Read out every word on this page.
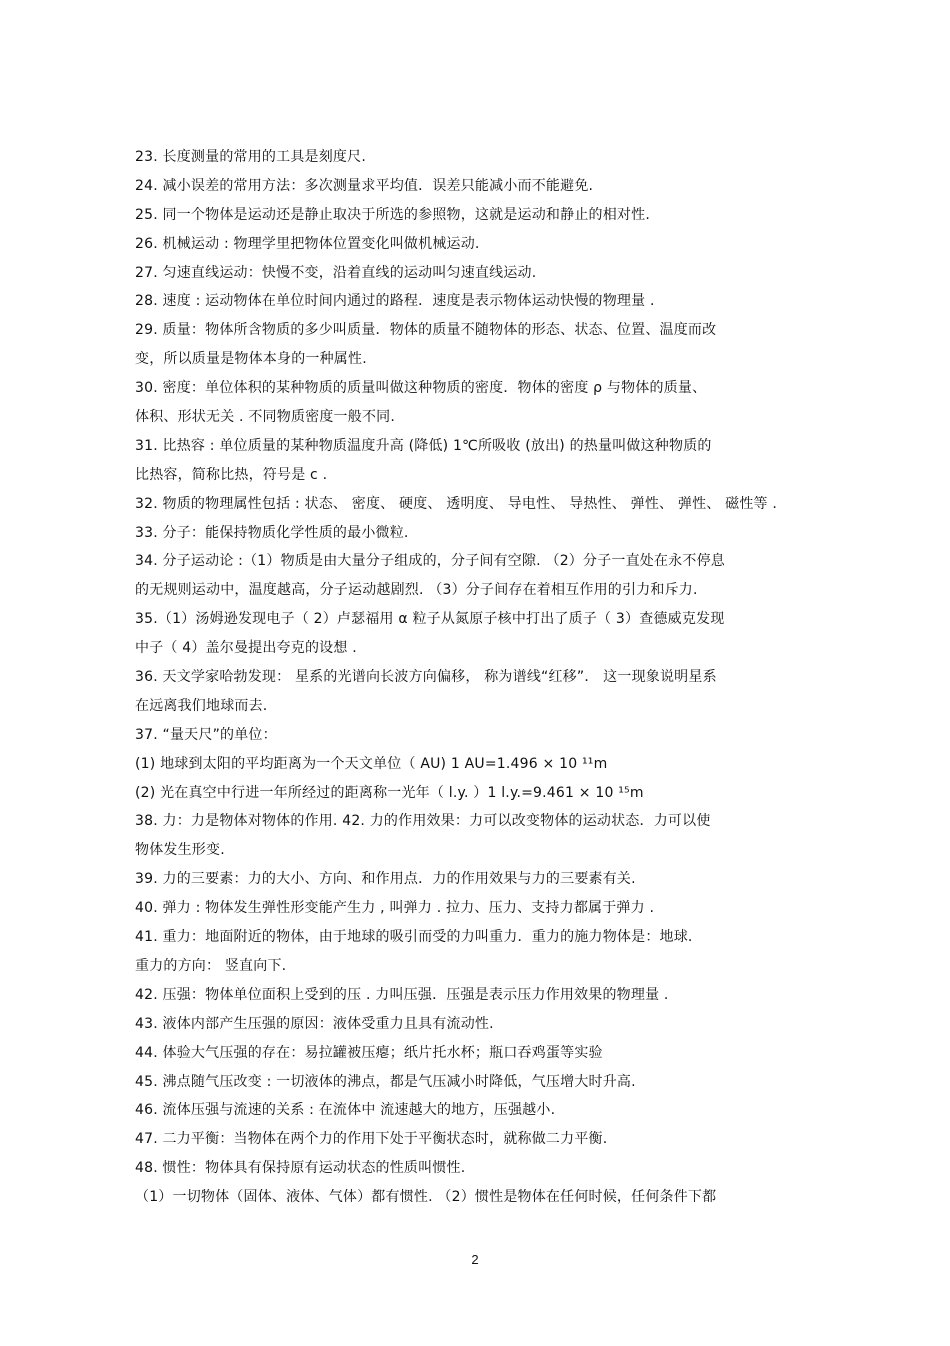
23. 长度测量的常用的工具是刻度尺.
24. 减小误差的常用方法：多次测量求平均值．误差只能减小而不能避免.
25. 同一个物体是运动还是静止取决于所选的参照物，这就是运动和静止的相对性.
26. 机械运动 : 物理学里把物体位置变化叫做机械运动.
27. 匀速直线运动：快慢不变，沿着直线的运动叫匀速直线运动.
28. 速度 : 运动物体在单位时间内通过的路程．速度是表示物体运动快慢的物理量 .
29. 质量：物体所含物质的多少叫质量．物体的质量不随物体的形态、状态、位置、温度而改
变，所以质量是物体本身的一种属性.
30. 密度：单位体积的某种物质的质量叫做这种物质的密度．物体的密度 ρ 与物体的质量、
体积、形状无关 . 不同物质密度一般不同.
31. 比热容 : 单位质量的某种物质温度升高 (降低) 1℃所吸收 (放出) 的热量叫做这种物质的
比热容，简称比热，符号是 c .
32. 物质的物理属性包括 : 状态、 密度、 硬度、 透明度、 导电性、 导热性、 弹性、 弹性、 磁性等 .
33. 分子：能保持物质化学性质的最小微粒.
34. 分子运动论 :（1）物质是由大量分子组成的，分子间有空隙. （2）分子一直处在永不停息
的无规则运动中，温度越高，分子运动越剧烈. （3）分子间存在着相互作用的引力和斥力.
35.（1）汤姆逊发现电子（ 2）卢瑟福用 α 粒子从氮原子核中打出了质子（ 3）查德威克发现
中子（ 4）盖尔曼提出夸克的设想 .
36. 天文学家哈勃发现： 星系的光谱向长波方向偏移， 称为谱线“红移”． 这一现象说明星系
在远离我们地球而去.
37. “量天尺”的单位：
(1) 地球到太阳的平均距离为一个天文单位（ AU) 1 AU=1.496 × 10 ¹¹m
(2) 光在真空中行进一年所经过的距离称一光年（ l.y. ）1 l.y.=9.461 × 10 ¹⁵m
38. 力：力是物体对物体的作用. 42. 力的作用效果：力可以改变物体的运动状态．力可以使
物体发生形变.
39. 力的三要素：力的大小、方向、和作用点．力的作用效果与力的三要素有关.
40. 弹力 : 物体发生弹性形变能产生力 , 叫弹力 . 拉力、压力、支持力都属于弹力 .
41. 重力：地面附近的物体，由于地球的吸引而受的力叫重力．重力的施力物体是：地球.
重力的方向： 竖直向下.
42. 压强：物体单位面积上受到的压 . 力叫压强．压强是表示压力作用效果的物理量 .
43. 液体内部产生压强的原因：液体受重力且具有流动性.
44. 体验大气压强的存在：易拉罐被压瘪；纸片托水杯；瓶口吞鸡蛋等实验
45. 沸点随气压改变 : 一切液体的沸点，都是气压减小时降低，气压增大时升高.
46. 流体压强与流速的关系 : 在流体中 流速越大的地方，压强越小.
47. 二力平衡：当物体在两个力的作用下处于平衡状态时，就称做二力平衡.
48. 惯性：物体具有保持原有运动状态的性质叫惯性.
（1）一切物体（固体、液体、气体）都有惯性. （2）惯性是物体在任何时候，任何条件下都
2
